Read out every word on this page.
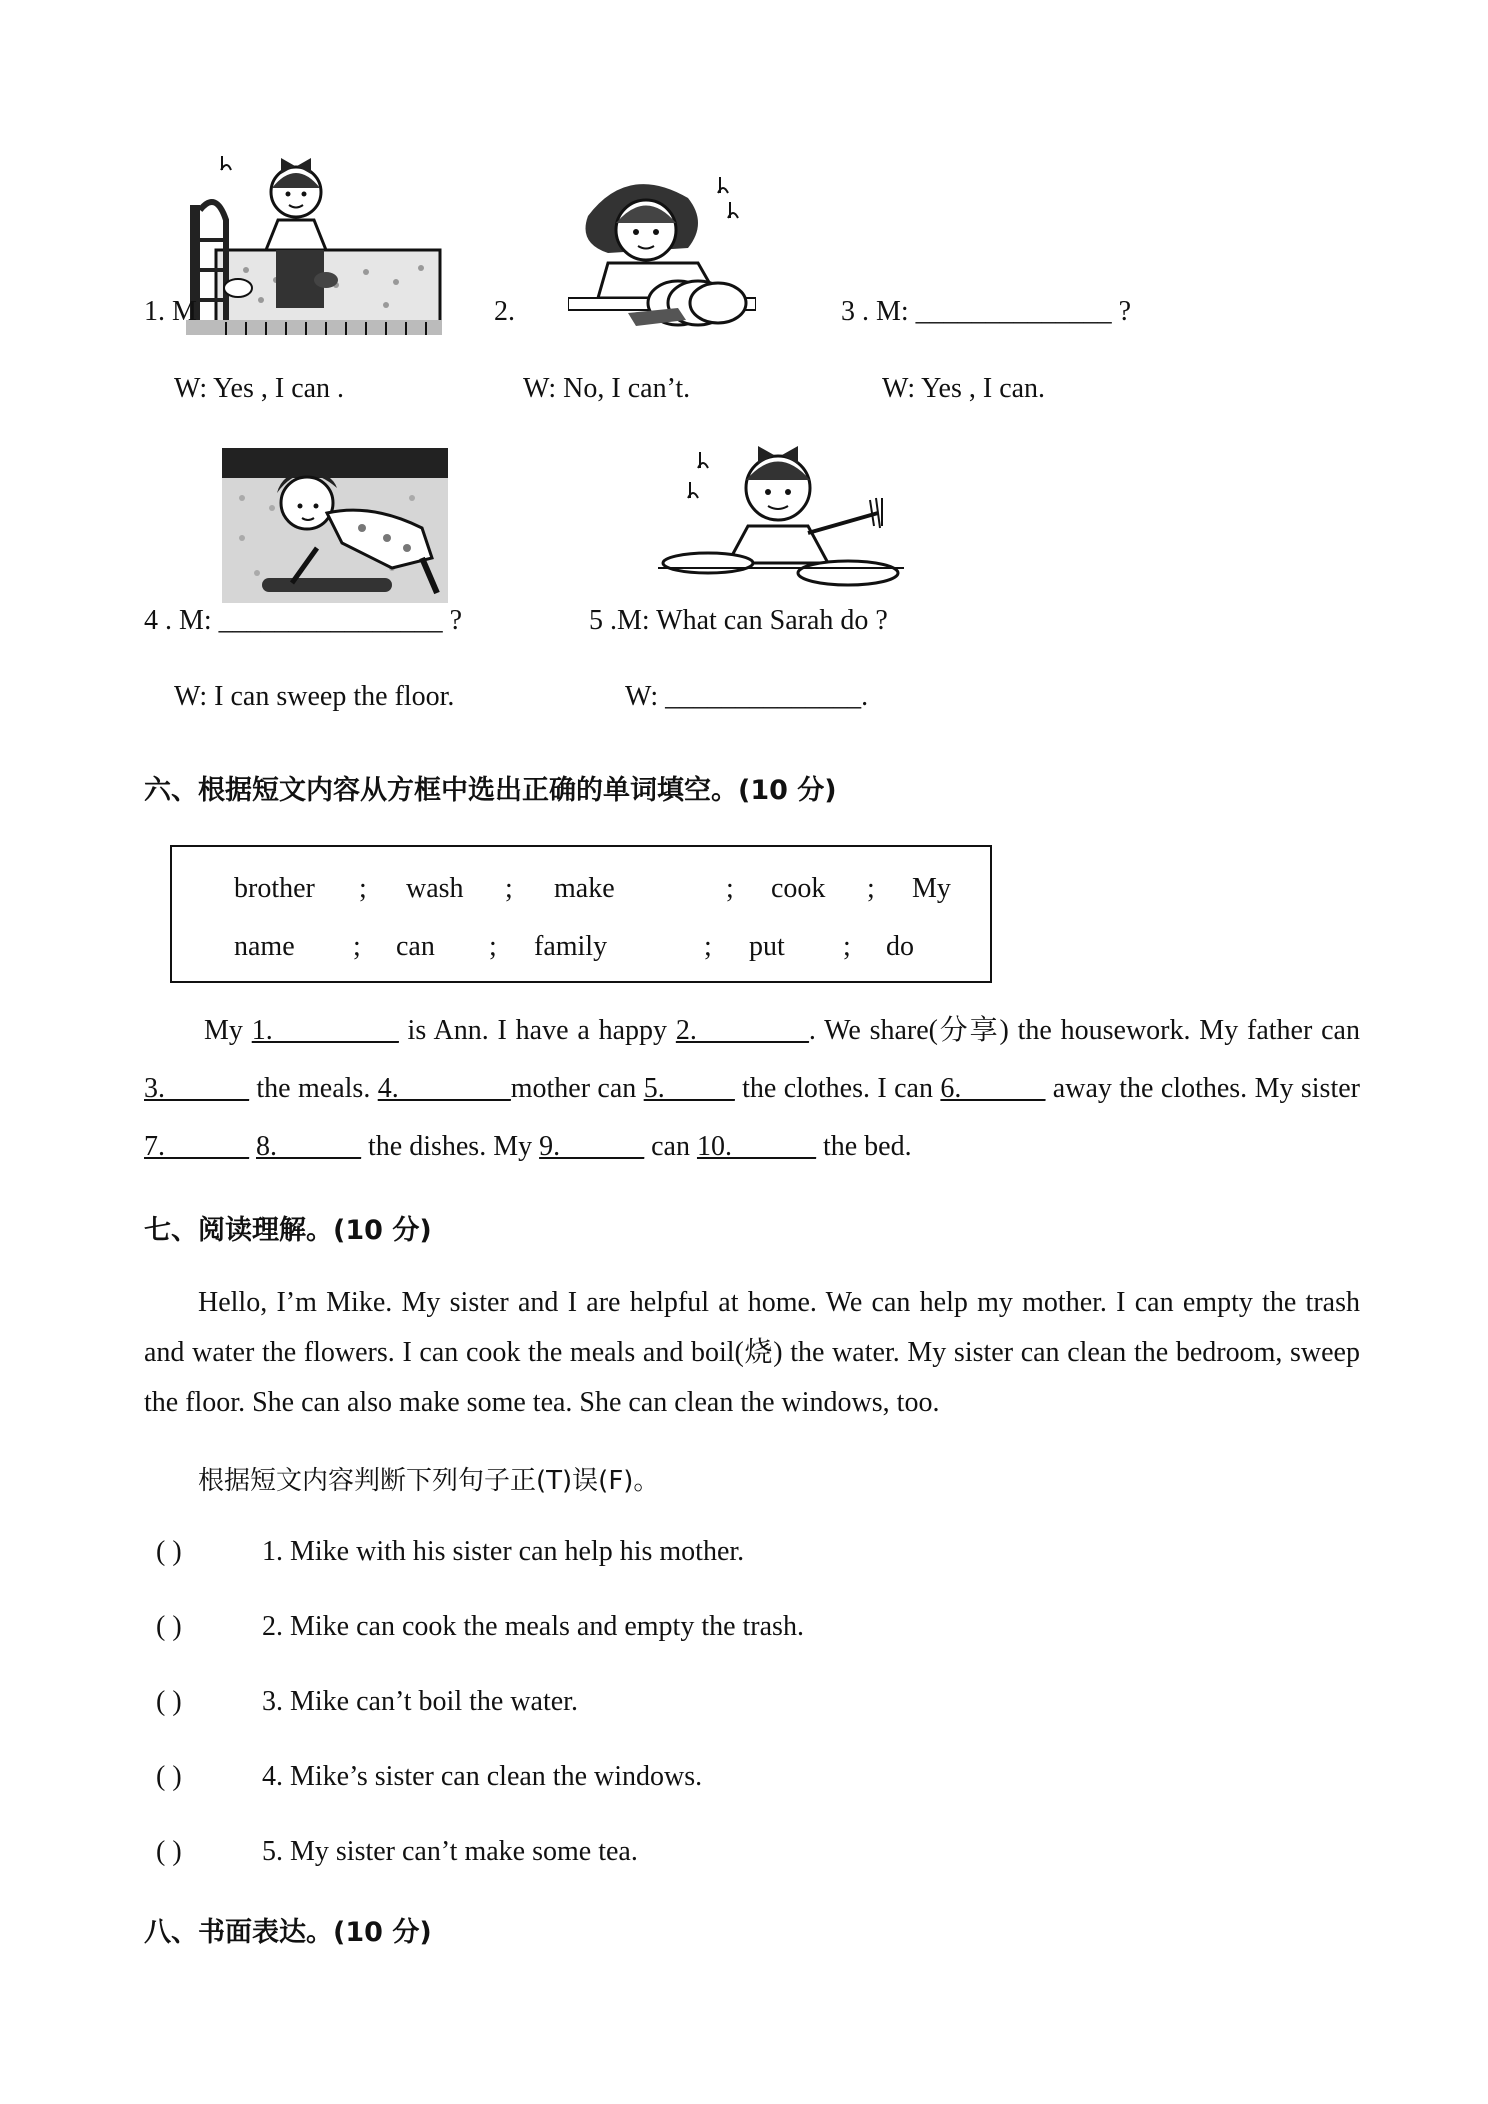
1. M	2.	3 . M: ______________ ?
W: Yes , I can .	W: No, I can’t.	W: Yes , I can.
4 . M: ________________ ?	5 .M: What can Sarah do ?
W: I can sweep the floor.	W: ______________.
六、根据短文内容从方框中选出正确的单词填空。(10 分)
brother ; wash ; make	; cook ; My
name ; can ; family	; put ; do
My 1._________ is Ann. I have a happy 2.________. We share(分享) the housework. My father can 3.______ the meals. 4.________mother can 5._____ the clothes. I can 6.______ away the clothes. My sister 7.______ 8.______ the dishes. My 9.______ can 10.______ the bed.
七、阅读理解。(10 分)
Hello, I’m Mike. My sister and I are helpful at home. We can help my mother. I can empty the trash and water the flowers. I can cook the meals and boil(烧) the water. My sister can clean the bedroom, sweep the floor. She can also make some tea. She can clean the windows, too.
根据短文内容判断下列句子正(T)误(F)。
( )	1. Mike with his sister can help his mother.
( )	2. Mike can cook the meals and empty the trash.
( )	3. Mike can’t boil the water.
( )	4. Mike’s sister can clean the windows.
( )	5. My sister can’t make some tea.
八、书面表达。(10 分)
